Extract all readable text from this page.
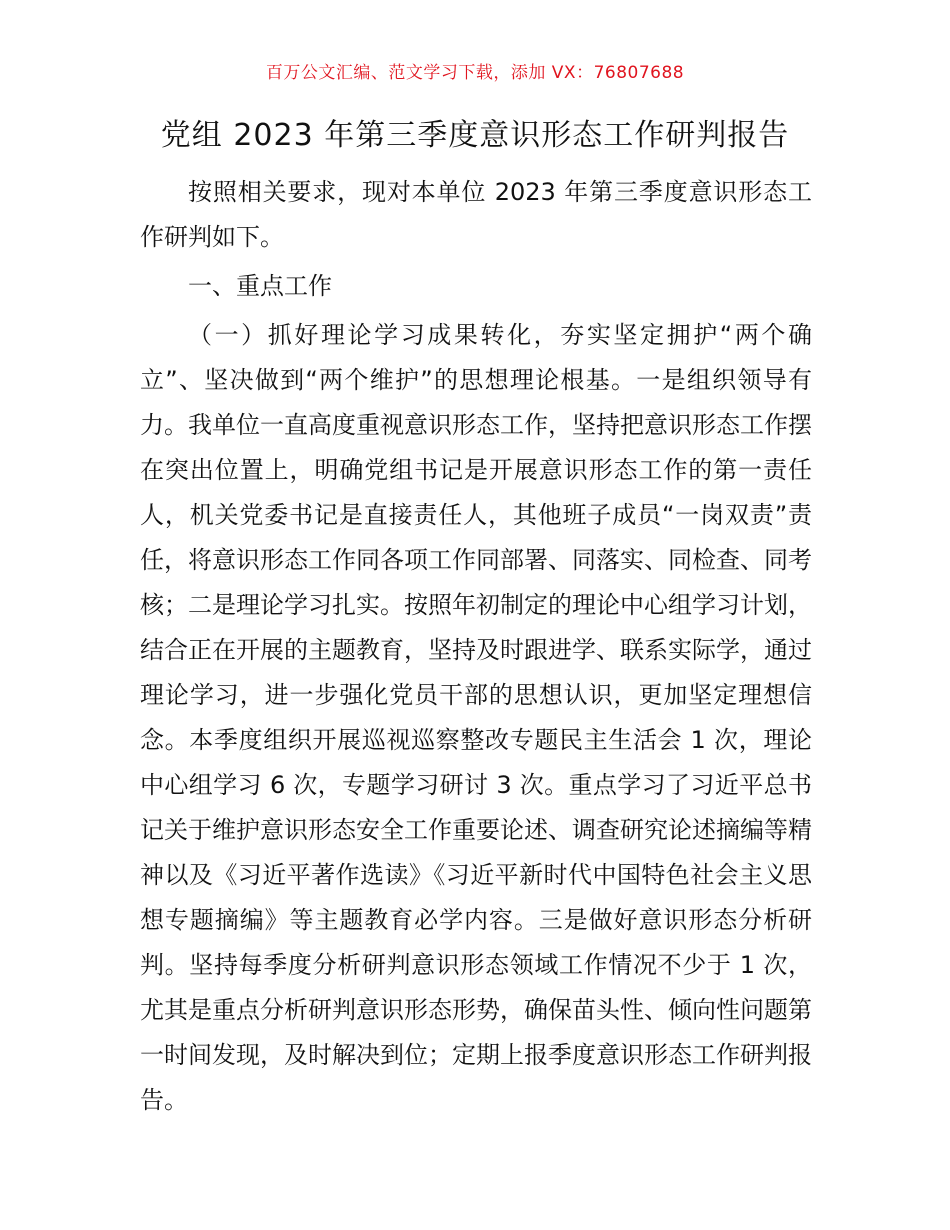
百万公文汇编、范文学习下载，添加 VX：76807688
党组 2023 年第三季度意识形态工作研判报告

按照相关要求，现对本单位 2023 年第三季度意识形态工作研判如下。

一、重点工作

（一）抓好理论学习成果转化，夯实坚定拥护“两个确立”、坚决做到“两个维护”的思想理论根基。一是组织领导有力。我单位一直高度重视意识形态工作，坚持把意识形态工作摆在突出位置上，明确党组书记是开展意识形态工作的第一责任人，机关党委书记是直接责任人，其他班子成员“一岗双责”责任，将意识形态工作同各项工作同部署、同落实、同检查、同考核；二是理论学习扎实。按照年初制定的理论中心组学习计划，结合正在开展的主题教育，坚持及时跟进学、联系实际学，通过理论学习，进一步强化党员干部的思想认识，更加坚定理想信念。本季度组织开展巡视巡察整改专题民主生活会 1 次，理论中心组学习 6 次，专题学习研讨 3 次。重点学习了习近平总书记关于维护意识形态安全工作重要论述、调查研究论述摘编等精神以及《习近平著作选读》《习近平新时代中国特色社会主义思想专题摘编》等主题教育必学内容。三是做好意识形态分析研判。坚持每季度分析研判意识形态领域工作情况不少于 1 次，尤其是重点分析研判意识形态形势，确保苗头性、倾向性问题第一时间发现，及时解决到位；定期上报季度意识形态工作研判报告。
